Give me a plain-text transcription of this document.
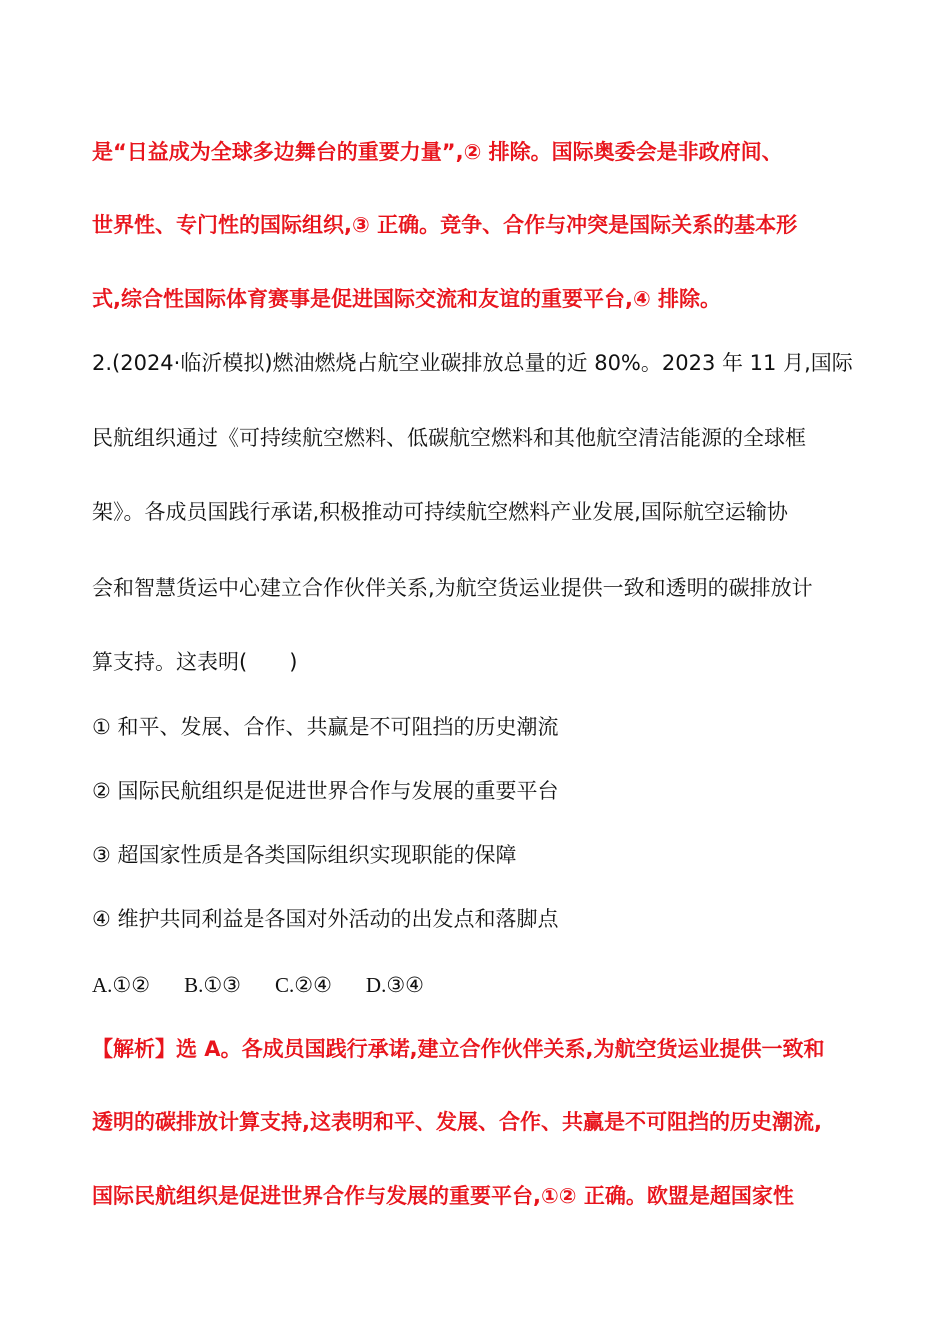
是“日益成为全球多边舞台的重要力量”,② 排除。国际奥委会是非政府间、
世界性、专门性的国际组织,③ 正确。竞争、合作与冲突是国际关系的基本形
式,综合性国际体育赛事是促进国际交流和友谊的重要平台,④ 排除。
2.(2024·临沂模拟)燃油燃烧占航空业碳排放总量的近 80%。2023 年 11 月,国际
民航组织通过《可持续航空燃料、低碳航空燃料和其他航空清洁能源的全球框
架》。各成员国践行承诺,积极推动可持续航空燃料产业发展,国际航空运输协
会和智慧货运中心建立合作伙伴关系,为航空货运业提供一致和透明的碳排放计
算支持。这表明(　　)
① 和平、发展、合作、共赢是不可阻挡的历史潮流
② 国际民航组织是促进世界合作与发展的重要平台
③ 超国家性质是各类国际组织实现职能的保障
④ 维护共同利益是各国对外活动的出发点和落脚点
A.①② B.①③ C.②④ D.③④
【解析】选 A。各成员国践行承诺,建立合作伙伴关系,为航空货运业提供一致和
透明的碳排放计算支持,这表明和平、发展、合作、共赢是不可阻挡的历史潮流,
国际民航组织是促进世界合作与发展的重要平台,①② 正确。欧盟是超国家性
